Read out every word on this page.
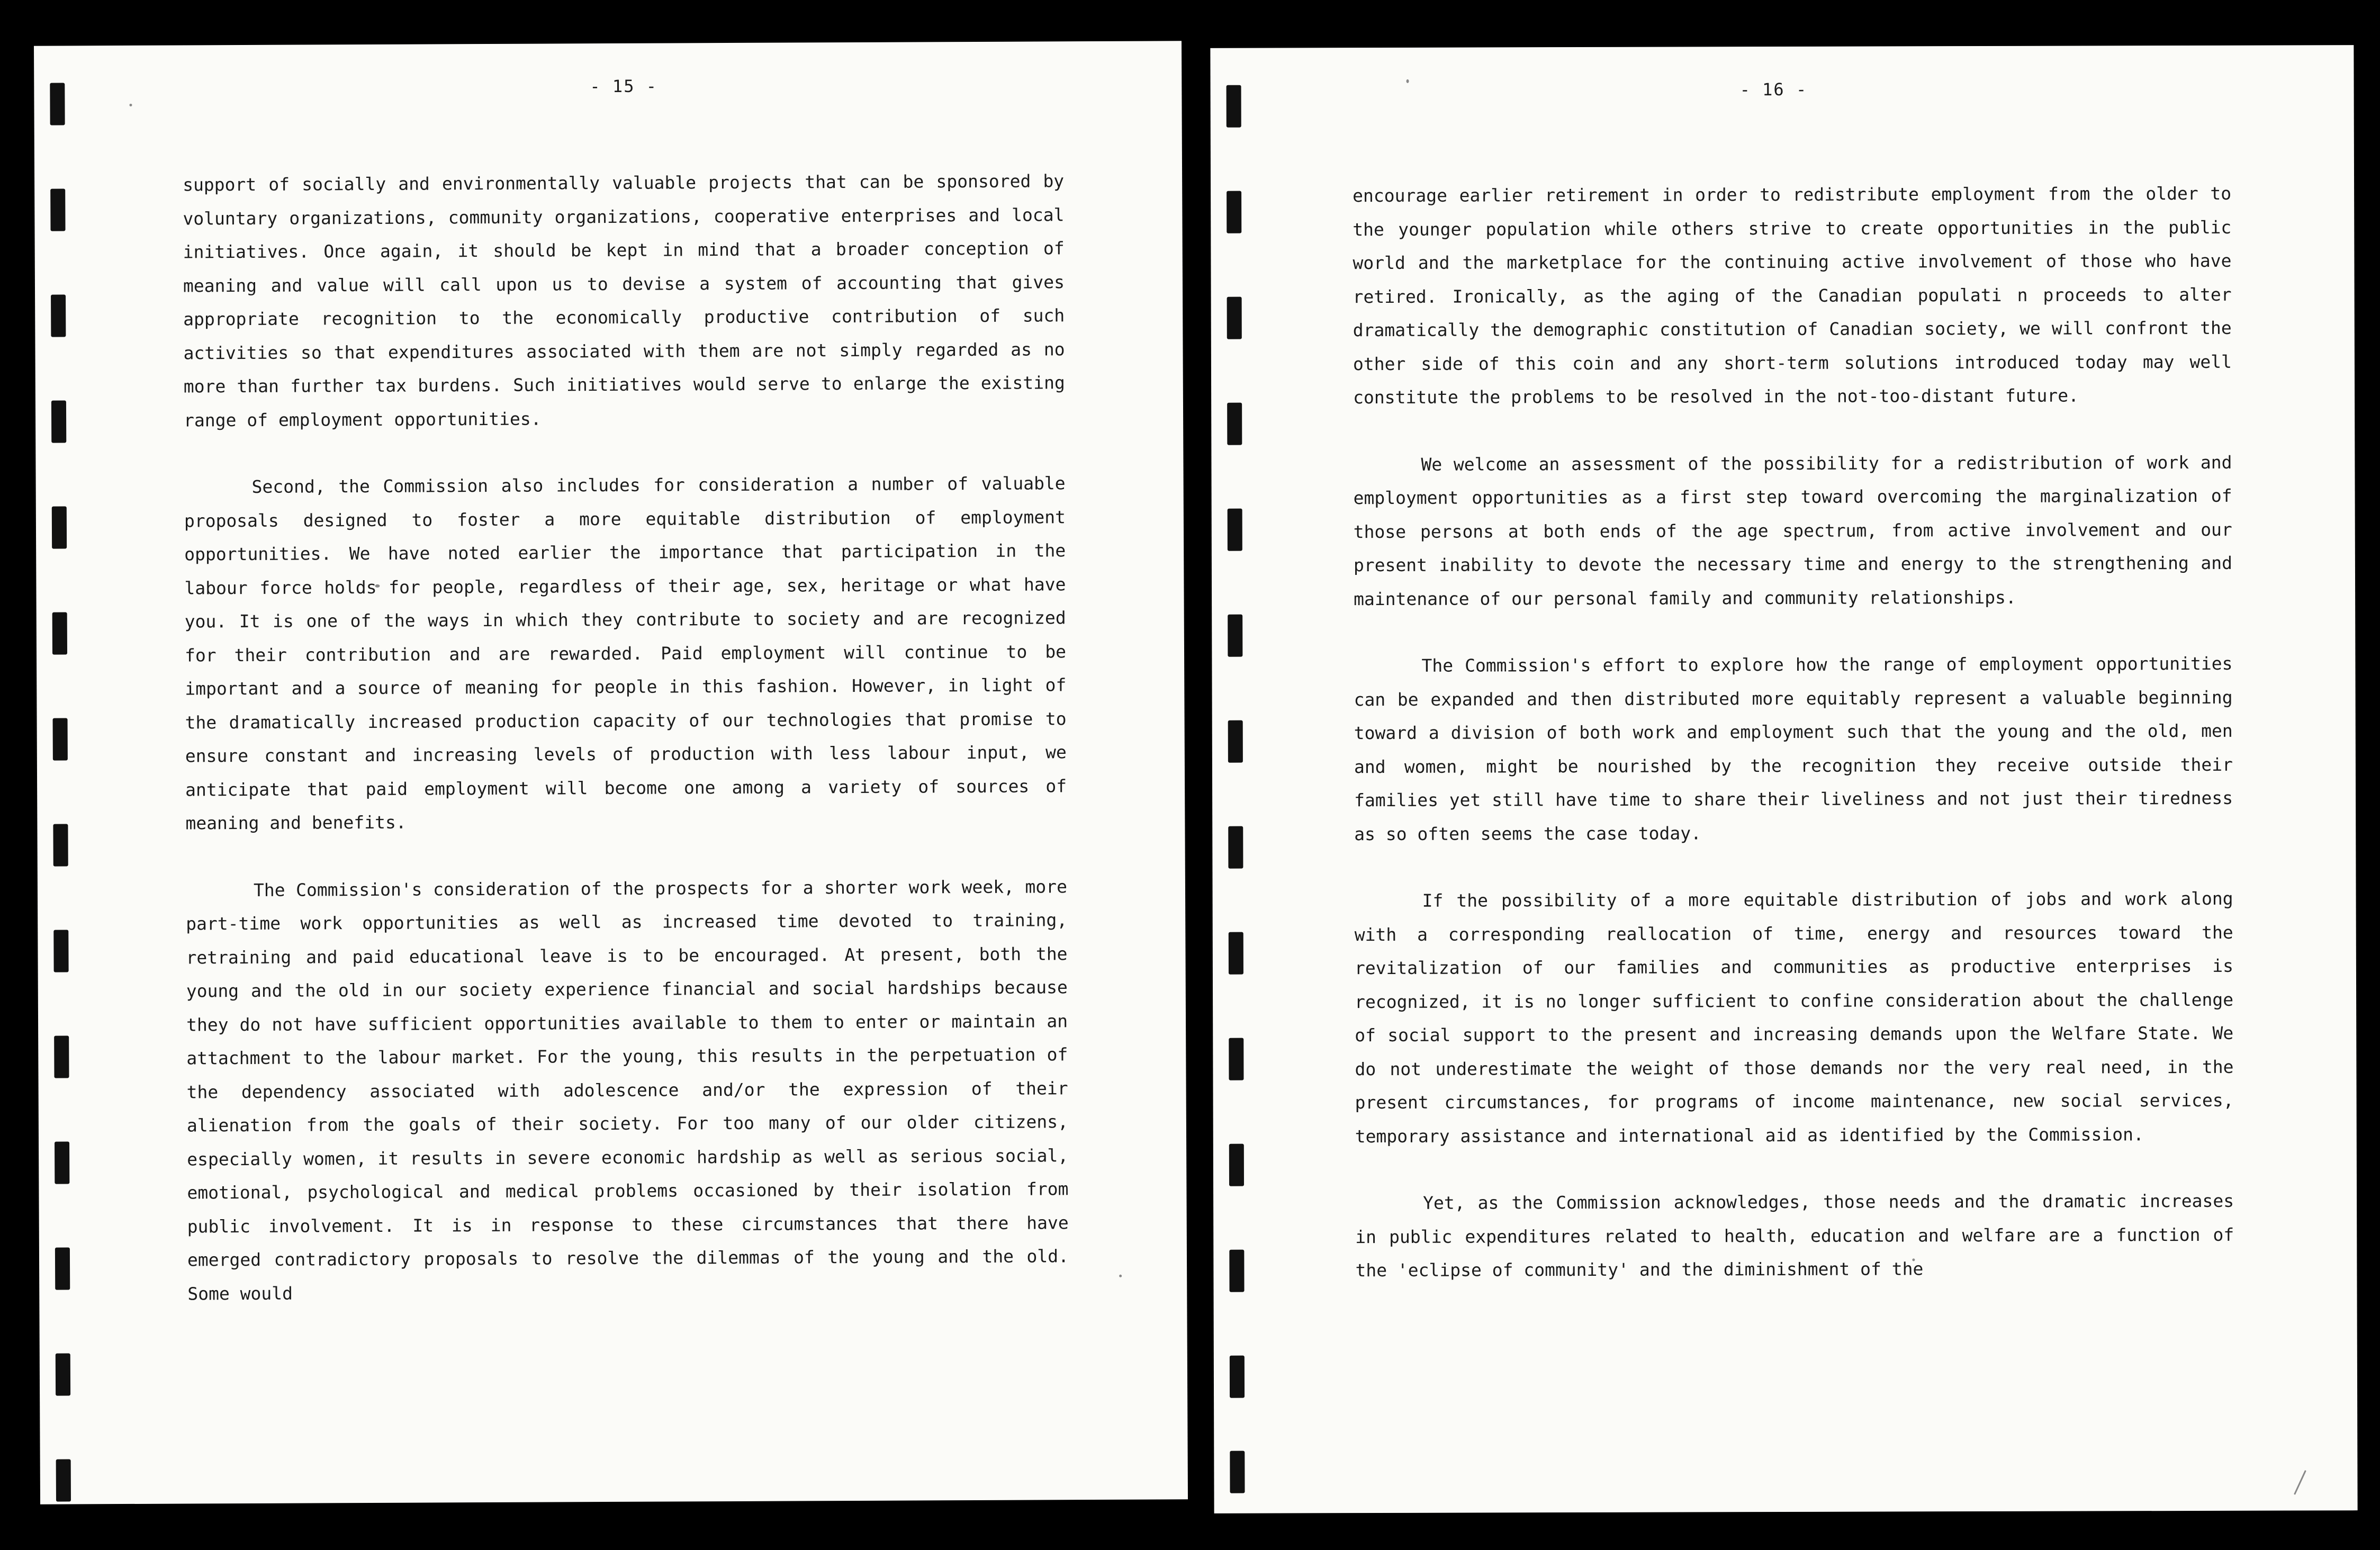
- 15 -

support of socially and environmentally valuable projects that can be sponsored by voluntary organizations, community organizations, cooperative enterprises and local initiatives. Once again, it should be kept in mind that a broader conception of meaning and value will call upon us to devise a system of accounting that gives appropriate recognition to the economically productive contribution of such activities so that expenditures associated with them are not simply regarded as no more than further tax burdens. Such initiatives would serve to enlarge the existing range of employment opportunities.

Second, the Commission also includes for consideration a number of valuable proposals designed to foster a more equitable distribution of employment opportunities. We have noted earlier the importance that participation in the labour force holds for people, regardless of their age, sex, heritage or what have you. It is one of the ways in which they contribute to society and are recognized for their contribution and are rewarded. Paid employment will continue to be important and a source of meaning for people in this fashion. However, in light of the dramatically increased production capacity of our technologies that promise to ensure constant and increasing levels of production with less labour input, we anticipate that paid employment will become one among a variety of sources of meaning and benefits.

The Commission's consideration of the prospects for a shorter work week, more part-time work opportunities as well as increased time devoted to training, retraining and paid educational leave is to be encouraged. At present, both the young and the old in our society experience financial and social hardships because they do not have sufficient opportunities available to them to enter or maintain an attachment to the labour market. For the young, this results in the perpetuation of the dependency associated with adolescence and/or the expression of their alienation from the goals of their society. For too many of our older citizens, especially women, it results in severe economic hardship as well as serious social, emotional, psychological and medical problems occasioned by their isolation from public involvement. It is in response to these circumstances that there have emerged contradictory proposals to resolve the dilemmas of the young and the old. Some would

- 16 -

encourage earlier retirement in order to redistribute employment from the older to the younger population while others strive to create opportunities in the public world and the marketplace for the continuing active involvement of those who have retired. Ironically, as the aging of the Canadian populati n proceeds to alter dramatically the demographic constitution of Canadian society, we will confront the other side of this coin and any short-term solutions introduced today may well constitute the problems to be resolved in the not-too-distant future.

We welcome an assessment of the possibility for a redistribution of work and employment opportunities as a first step toward overcoming the marginalization of those persons at both ends of the age spectrum, from active involvement and our present inability to devote the necessary time and energy to the strengthening and maintenance of our personal family and community relationships.

The Commission's effort to explore how the range of employment opportunities can be expanded and then distributed more equitably represent a valuable beginning toward a division of both work and employment such that the young and the old, men and women, might be nourished by the recognition they receive outside their families yet still have time to share their liveliness and not just their tiredness as so often seems the case today.

If the possibility of a more equitable distribution of jobs and work along with a corresponding reallocation of time, energy and resources toward the revitalization of our families and communities as productive enterprises is recognized, it is no longer sufficient to confine consideration about the challenge of social support to the present and increasing demands upon the Welfare State. We do not underestimate the weight of those demands nor the very real need, in the present circumstances, for programs of income maintenance, new social services, temporary assistance and international aid as identified by the Commission.

Yet, as the Commission acknowledges, those needs and the dramatic increases in public expenditures related to health, education and welfare are a function of the 'eclipse of community' and the diminishment of the
